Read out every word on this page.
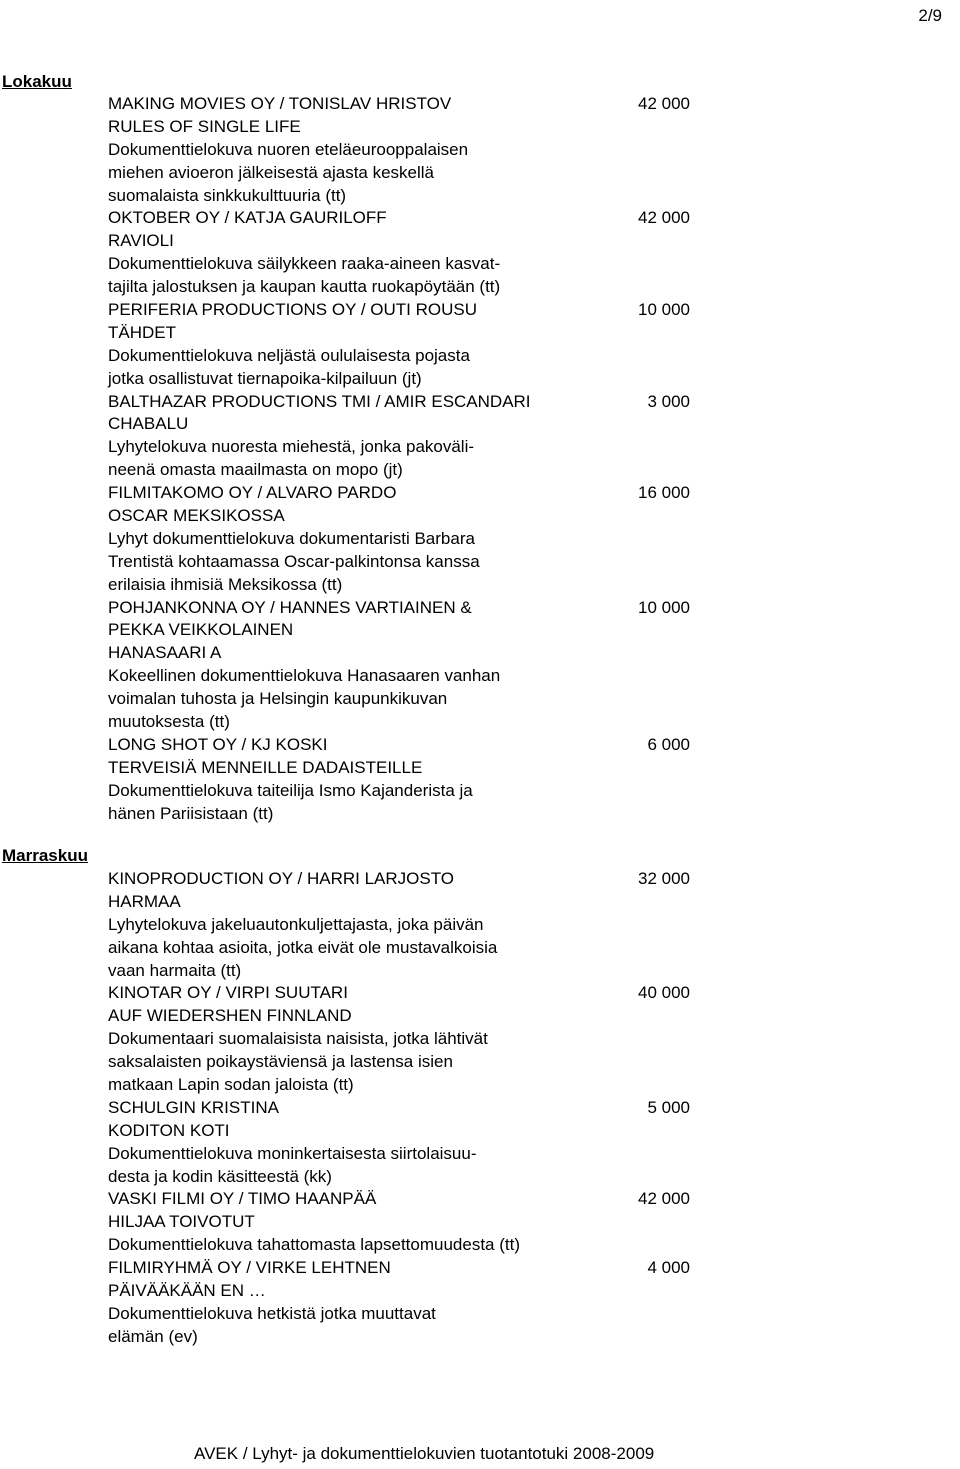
2/9
Lokakuu
MAKING MOVIES OY / TONISLAV HRISTOV	42 000
RULES OF SINGLE LIFE
Dokumenttielokuva nuoren eteläeurooppalaisen
miehen avioeron jälkeisestä ajasta keskellä
suomalaista sinkkukulttuuria (tt)
OKTOBER OY / KATJA GAURILOFF	42 000
RAVIOLI
Dokumenttielokuva säilykkeen raaka-aineen kasvat-
tajilta jalostuksen ja kaupan kautta ruokapöytään (tt)
PERIFERIA PRODUCTIONS OY / OUTI ROUSU	10 000
TÄHDET
Dokumenttielokuva neljästä oululaisesta pojasta
jotka osallistuvat tiernapoika-kilpailuun (jt)
BALTHAZAR PRODUCTIONS TMI / AMIR ESCANDARI	3 000
CHABALU
Lyhytelokuva nuoresta miehestä, jonka pakoväli-
neenä omasta maailmasta on mopo (jt)
FILMITAKOMO OY / ALVARO PARDO	16 000
OSCAR MEKSIKOSSA
Lyhyt dokumenttielokuva dokumentaristi Barbara
Trentistä kohtaamassa Oscar-palkintonsa kanssa
erilaisia ihmisiä Meksikossa (tt)
POHJANKONNA OY / HANNES VARTIAINEN &	10 000
PEKKA VEIKKOLAINEN
HANASAARI A
Kokeellinen dokumenttielokuva Hanasaaren vanhan
voimalan tuhosta ja Helsingin kaupunkikuvan
muutoksesta (tt)
LONG SHOT OY / KJ KOSKI	6 000
TERVEISIÄ MENNEILLE DADAISTEILLE
Dokumenttielokuva taiteilija Ismo Kajanderista ja
hänen Pariisistaan (tt)
Marraskuu
KINOPRODUCTION OY / HARRI LARJOSTO	32 000
HARMAA
Lyhytelokuva jakeluautonkuljettajasta, joka päivän
aikana kohtaa asioita, jotka eivät ole mustavalkoisia
vaan harmaita (tt)
KINOTAR OY / VIRPI SUUTARI	40 000
AUF WIEDERSHEN FINNLAND
Dokumentaari suomalaisista naisista, jotka lähtivät
saksalaisten poikaystäviensä ja lastensa isien
matkaan Lapin sodan jaloista (tt)
SCHULGIN KRISTINA	5 000
KODITON KOTI
Dokumenttielokuva moninkertaisesta siirtolaisuu-
desta ja kodin käsitteestä (kk)
VASKI FILMI OY / TIMO HAANPÄÄ	42 000
HILJAA TOIVOTUT
Dokumenttielokuva tahattomasta lapsettomuudesta (tt)
FILMIRYHMÄ OY / VIRKE LEHTNEN	4 000
PÄIVÄÄKÄÄN EN …
Dokumenttielokuva hetkistä jotka muuttavat
elämän (ev)
AVEK / Lyhyt- ja dokumenttielokuvien tuotantotuki 2008-2009
